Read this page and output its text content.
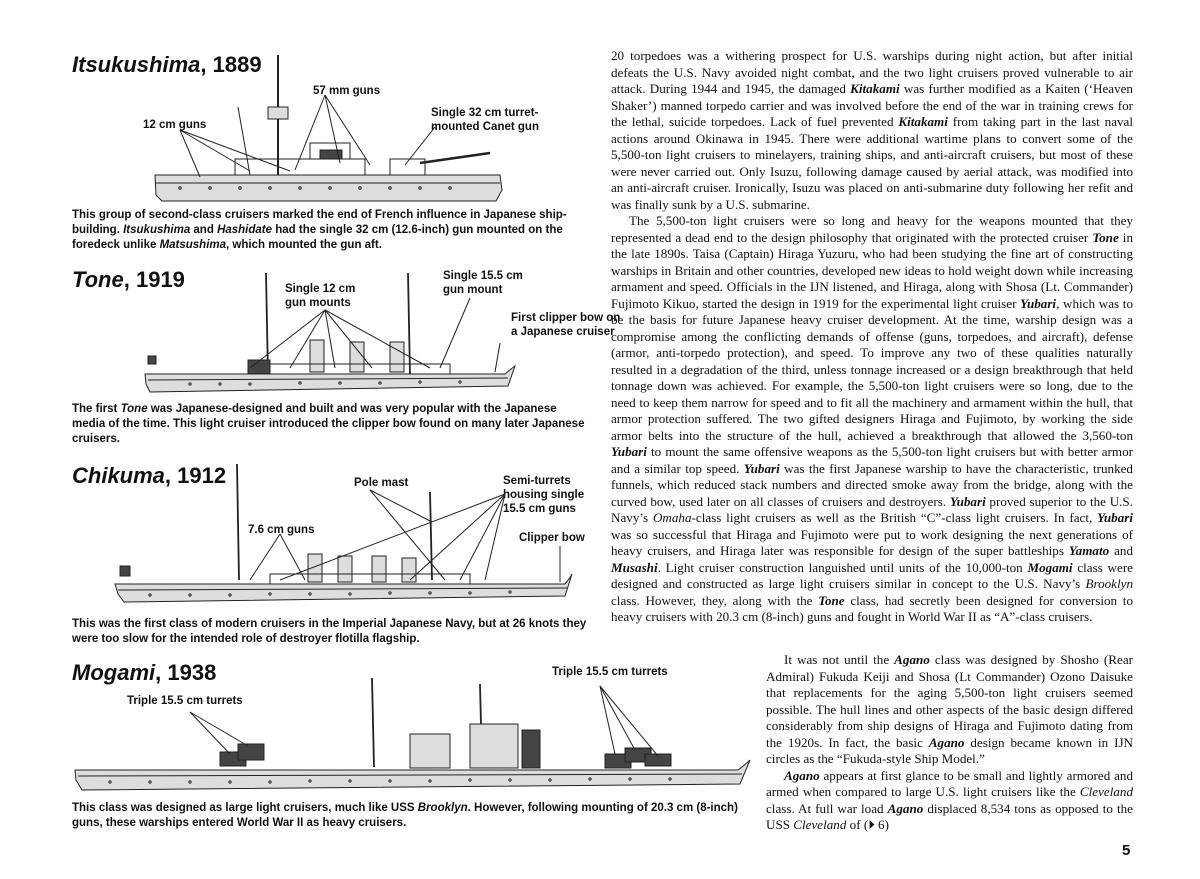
Itsukushima, 1889
57 mm guns
12 cm guns
Single 32 cm turret-
mounted Canet gun
This group of second-class cruisers marked the end of French influence in Japanese ship-building. Itsukushima and Hashidate had the single 32 cm (12.6-inch) gun mounted on the foredeck unlike Matsushima, which mounted the gun aft.
Tone, 1919	Single 12 cm
gun mounts
Single 15.5 cm
gun mount
First clipper bow on
a Japanese cruiser
The first Tone was Japanese-designed and built and was very popular with the Japanese media of the time. This light cruiser introduced the clipper bow found on many later Japanese cruisers.
Chikuma, 1912	Pole mast	Semi-turrets
housing single
15.5 cm guns
7.6 cm guns
Clipper bow
This was the first class of modern cruisers in the Imperial Japanese Navy, but at 26 knots they were too slow for the intended role of destroyer flotilla flagship.
Mogami, 1938
Triple 15.5 cm turrets
Triple 15.5 cm turrets
This class was designed as large light cruisers, much like USS Brooklyn. However, following mounting of 20.3 cm (8-inch) guns, these warships entered World War II as heavy cruisers.

20 torpedoes was a withering prospect for U.S. warships during night action, but after initial defeats the U.S. Navy avoided night combat, and the two light cruisers proved vulnerable to air attack. During 1944 and 1945, the damaged Kitakami was further modified as a Kaiten (‘Heaven Shaker’) manned torpedo carrier and was involved before the end of the war in training crews for the lethal, suicide torpedoes. Lack of fuel prevented Kitakami from taking part in the last naval actions around Okinawa in 1945. There were additional wartime plans to convert some of the 5,500-ton light cruisers to minelayers, training ships, and anti-aircraft cruisers, but most of these were never carried out. Only Isuzu, following damage caused by aerial attack, was modified into an anti-aircraft cruiser. Ironically, Isuzu was placed on anti-submarine duty following her refit and was finally sunk by a U.S. submarine.

The 5,500-ton light cruisers were so long and heavy for the weapons mounted that they represented a dead end to the design philosophy that originated with the protected cruiser Tone in the late 1890s. Taisa (Captain) Hiraga Yuzuru, who had been studying the fine art of constructing warships in Britain and other countries, developed new ideas to hold weight down while increasing armament and speed. Officials in the IJN listened, and Hiraga, along with Shosa (Lt. Commander) Fujimoto Kikuo, started the design in 1919 for the experimental light cruiser Yubari, which was to be the basis for future Japanese heavy cruiser development. At the time, warship design was a compromise among the conflicting demands of offense (guns, torpedoes, and aircraft), defense (armor, anti-torpedo protection), and speed. To improve any two of these qualities naturally resulted in a degradation of the third, unless tonnage increased or a design breakthrough that held tonnage down was achieved. For example, the 5,500-ton light cruisers were so long, due to the need to keep them narrow for speed and to fit all the machinery and armament within the hull, that armor protection suffered. The two gifted designers Hiraga and Fujimoto, by working the side armor belts into the structure of the hull, achieved a breakthrough that allowed the 3,560-ton Yubari to mount the same offensive weapons as the 5,500-ton light cruisers but with better armor and a similar top speed. Yubari was the first Japanese warship to have the characteristic, trunked funnels, which reduced stack numbers and directed smoke away from the bridge, along with the curved bow, used later on all classes of cruisers and destroyers. Yubari proved superior to the U.S. Navy’s Omaha-class light cruisers as well as the British “C”-class light cruisers. In fact, Yubari was so successful that Hiraga and Fujimoto were put to work designing the next generations of heavy cruisers, and Hiraga later was responsible for design of the super battleships Yamato and Musashi. Light cruiser construction languished until units of the 10,000-ton Mogami class were designed and constructed as large light cruisers similar in concept to the U.S. Navy’s Brooklyn class. However, they, along with the Tone class, had secretly been designed for conversion to heavy cruisers with 20.3 cm (8-inch) guns and fought in World War II as “A”-class cruisers.

It was not until the Agano class was designed by Shosho (Rear Admiral) Fukuda Keiji and Shosa (Lt Commander) Ozono Daisuke that replacements for the aging 5,500-ton light cruisers seemed possible. The hull lines and other aspects of the basic design differed considerably from ship designs of Hiraga and Fujimoto dating from the 1920s. In fact, the basic Agano design became known in IJN circles as the “Fukuda-style Ship Model.”

Agano appears at first glance to be small and lightly armored and armed when compared to large U.S. light cruisers like the Cleveland class. At full war load Agano displaced 8,534 tons as opposed to the USS Cleveland of (⏵ 6)

5
